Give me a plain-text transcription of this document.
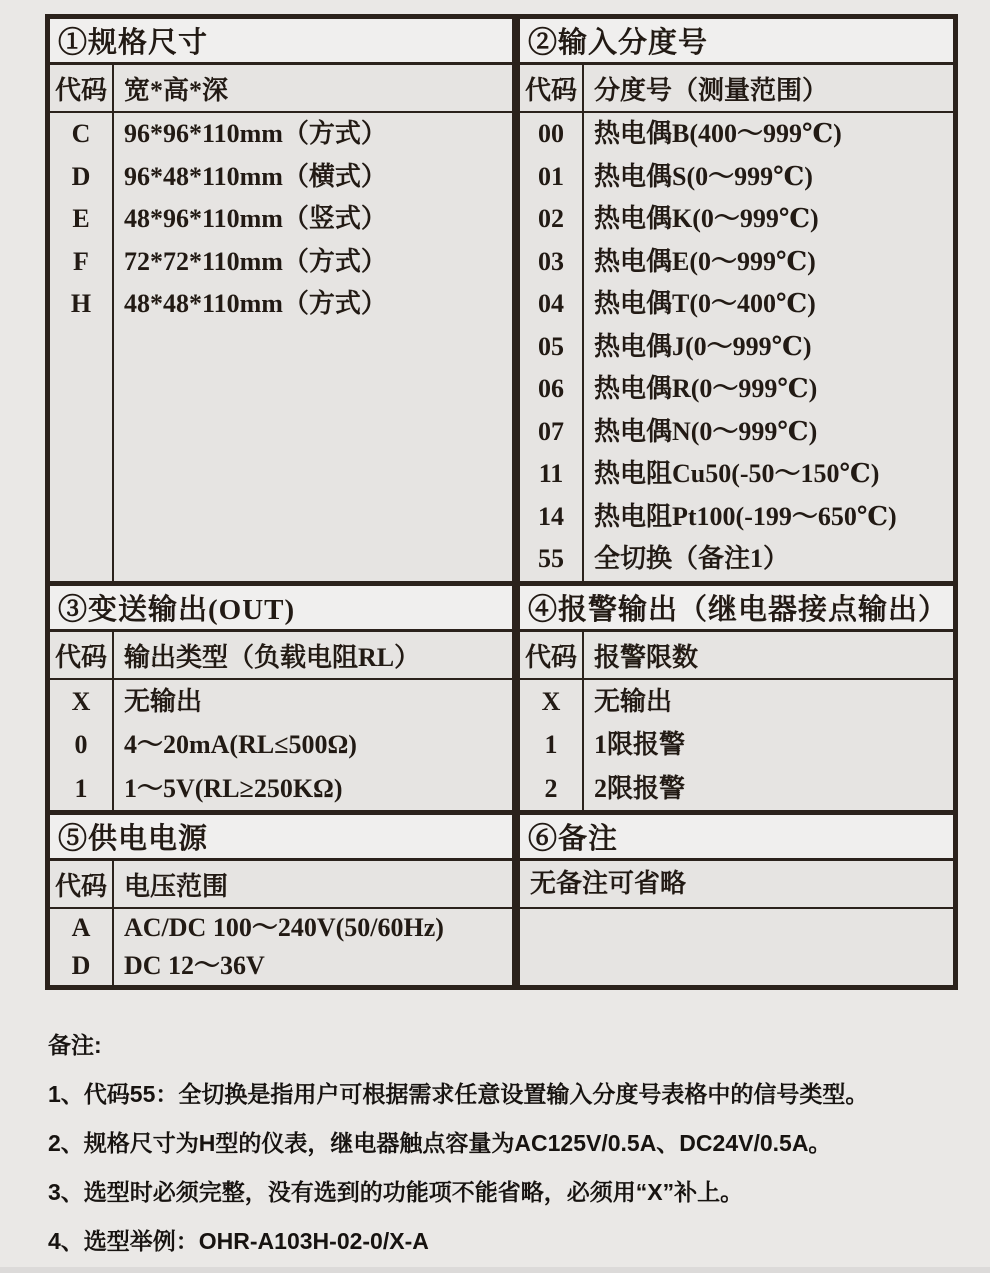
①规格尺寸
代码 宽*高*深
C
D
E
F
H
96*96*110mm（方式）
96*48*110mm（横式）
48*96*110mm（竖式）
72*72*110mm（方式）
48*48*110mm（方式）
②输入分度号
代码 分度号（测量范围）
00
01
02
03
04
05
06
07
11
14
55
热电偶B(400～999℃)
热电偶S(0～999℃)
热电偶K(0～999℃)
热电偶E(0～999℃)
热电偶T(0～400℃)
热电偶J(0～999℃)
热电偶R(0～999℃)
热电偶N(0～999℃)
热电阻Cu50(-50～150℃)
热电阻Pt100(-199～650℃)
全切换（备注1）
③变送输出(OUT)
代码 输出类型（负载电阻RL）
X
0
1
无输出
4～20mA(RL≤500Ω)
1～5V(RL≥250KΩ)
④报警输出（继电器接点输出）
代码 报警限数
X
1
2
无输出
1限报警
2限报警
⑤供电电源
代码 电压范围
A
D
AC/DC 100～240V(50/60Hz)
DC 12～36V
⑥备注
无备注可省略
备注:
1、代码55：全切换是指用户可根据需求任意设置输入分度号表格中的信号类型。
2、规格尺寸为H型的仪表，继电器触点容量为AC125V/0.5A、DC24V/0.5A。
3、选型时必须完整，没有选到的功能项不能省略，必须用“X”补上。
4、选型举例：OHR-A103H-02-0/X-A
